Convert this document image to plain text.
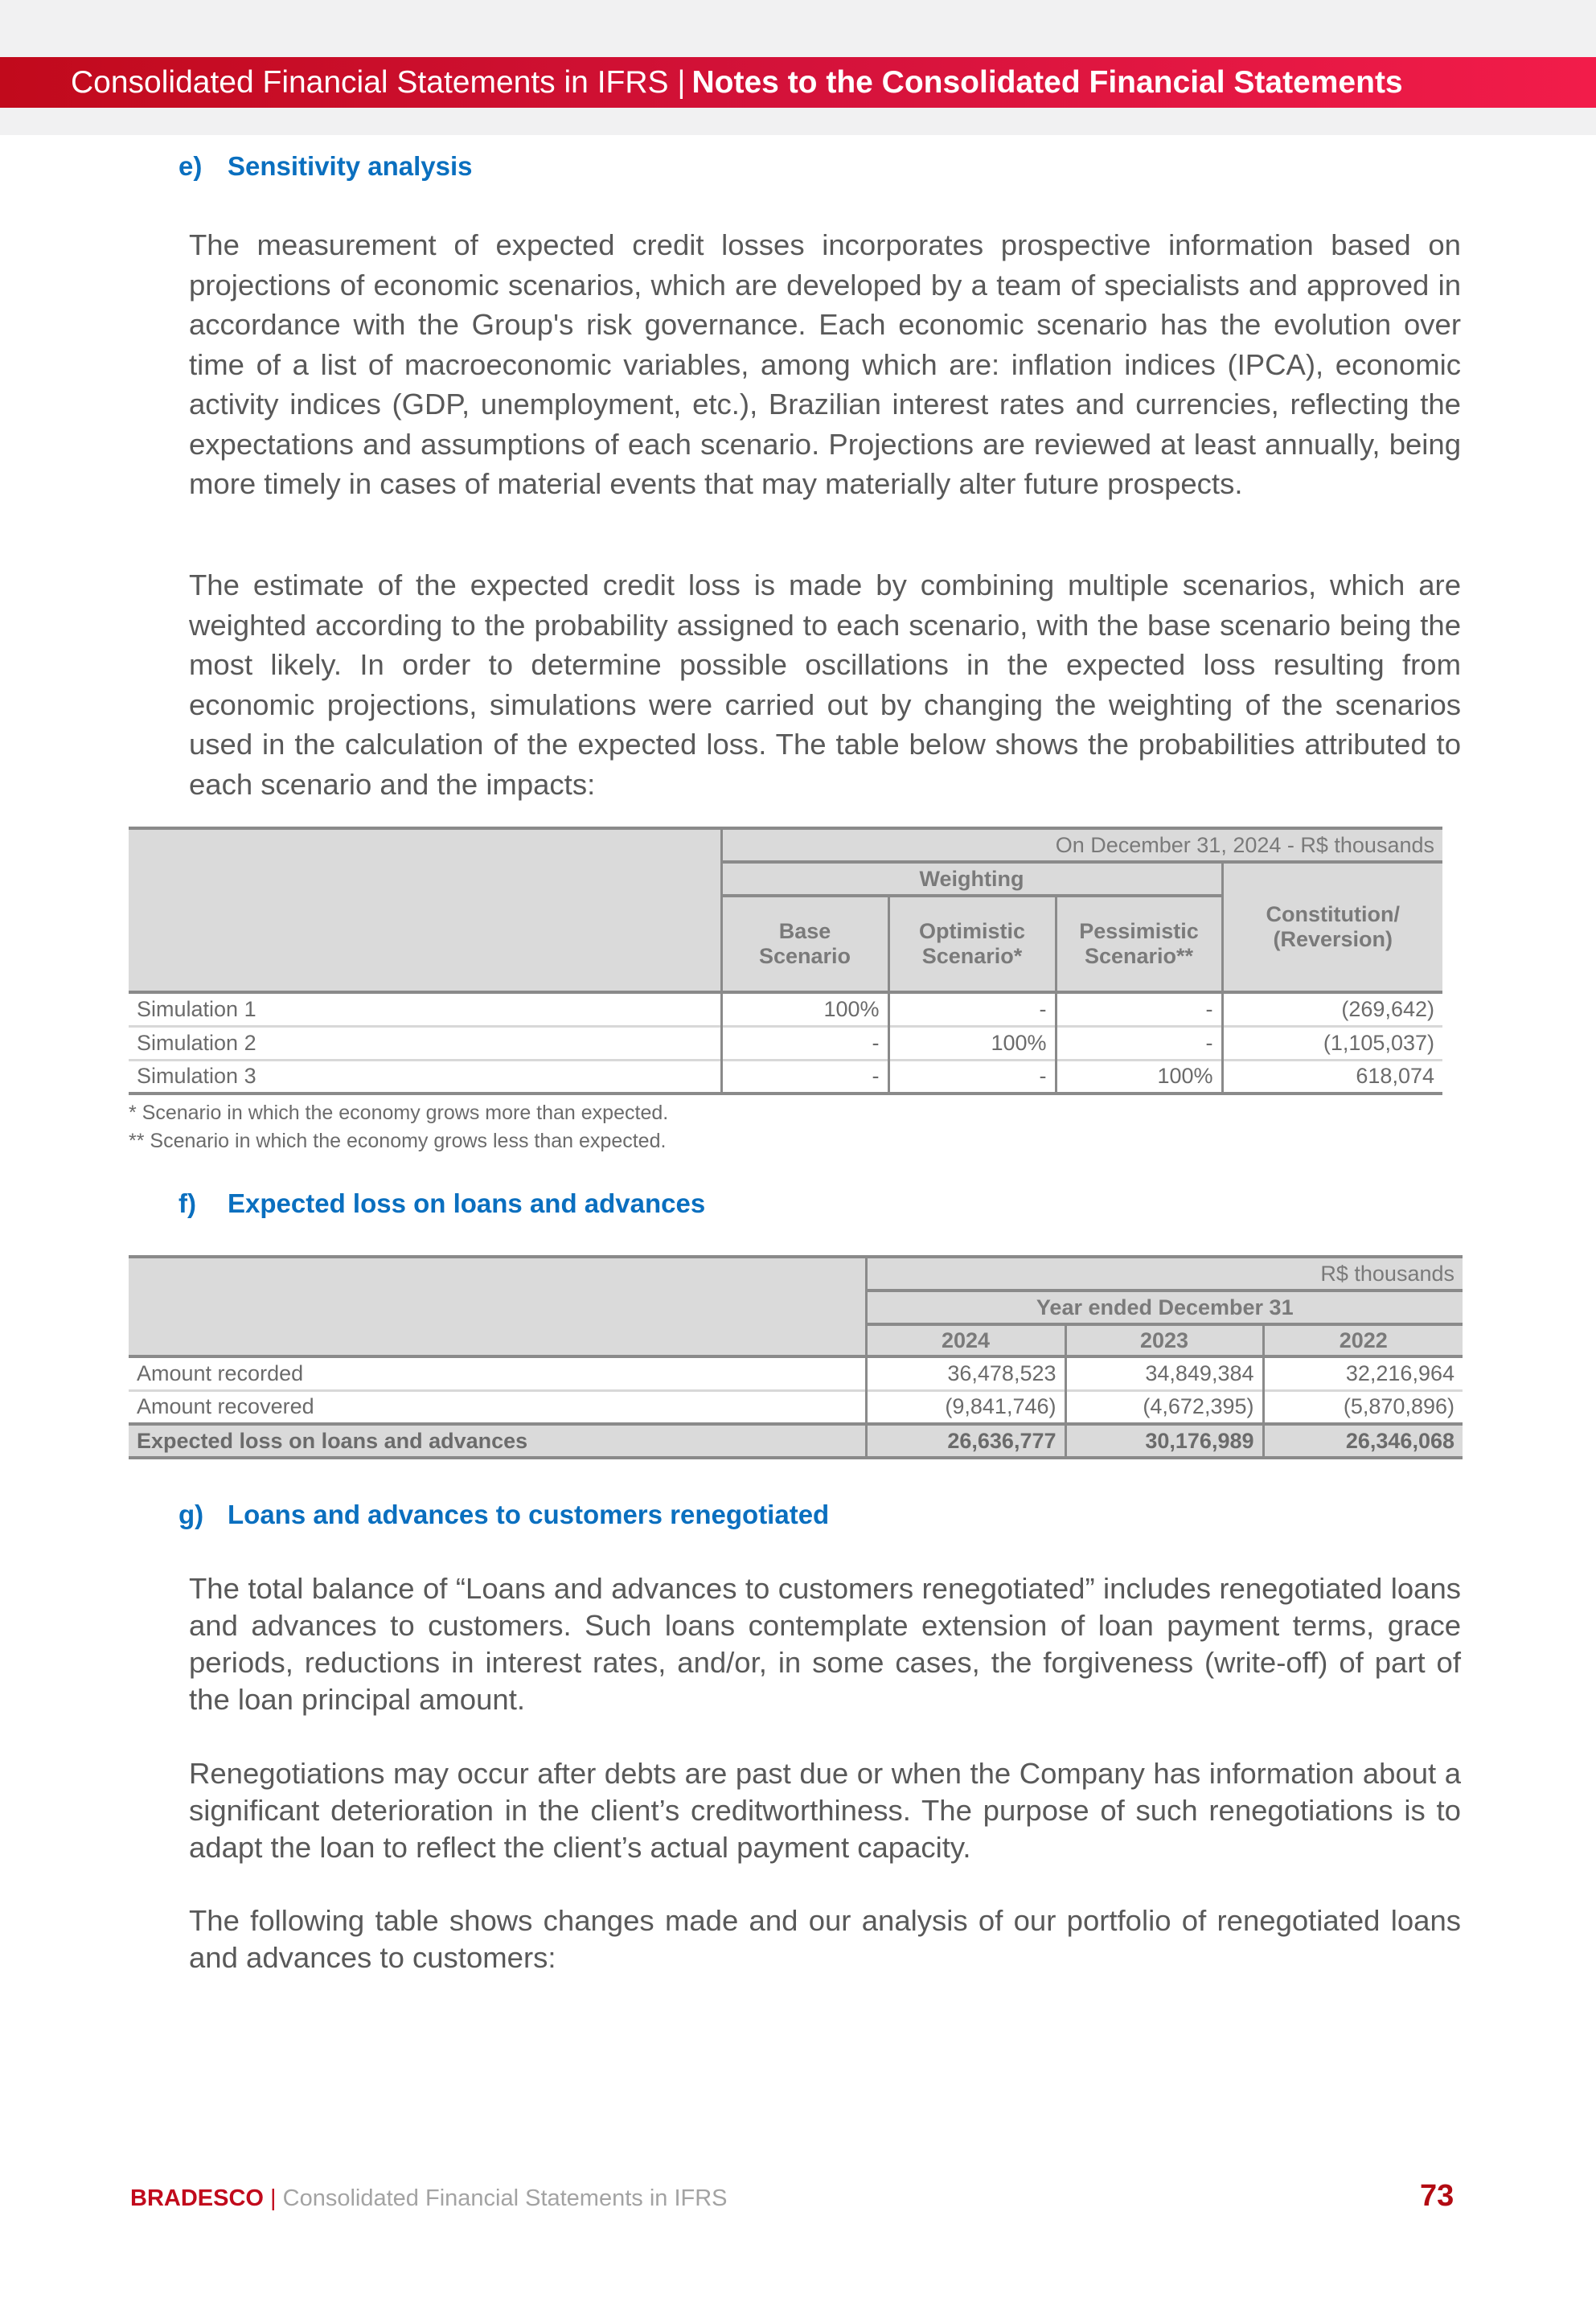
Consolidated Financial Statements in IFRS | Notes to the Consolidated Financial Statements
e) Sensitivity analysis

The measurement of expected credit losses incorporates prospective information based on projections of economic scenarios, which are developed by a team of specialists and approved in accordance with the Group's risk governance. Each economic scenario has the evolution over time of a list of macroeconomic variables, among which are: inflation indices (IPCA), economic activity indices (GDP, unemployment, etc.), Brazilian interest rates and currencies, reflecting the expectations and assumptions of each scenario. Projections are reviewed at least annually, being more timely in cases of material events that may materially alter future prospects.

The estimate of the expected credit loss is made by combining multiple scenarios, which are weighted according to the probability assigned to each scenario, with the base scenario being the most likely. In order to determine possible oscillations in the expected loss resulting from economic projections, simulations were carried out by changing the weighting of the scenarios used in the calculation of the expected loss. The table below shows the probabilities attributed to each scenario and the impacts:

	On December 31, 2024 - R$ thousands			
	Weighting			Constitution/ (Reversion)
	Base Scenario	Optimistic Scenario*	Pessimistic Scenario**	
Simulation 1	100%	-	-	(269,642)
Simulation 2	-	100%	-	(1,105,037)
Simulation 3	-	-	100%	618,074
* Scenario in which the economy grows more than expected.
** Scenario in which the economy grows less than expected.
f) Expected loss on loans and advances
	R$ thousands		
	Year ended December 31		
	2024	2023	2022
Amount recorded	36,478,523	34,849,384	32,216,964
Amount recovered	(9,841,746)	(4,672,395)	(5,870,896)
Expected loss on loans and advances	26,636,777	30,176,989	26,346,068
g) Loans and advances to customers renegotiated

The total balance of “Loans and advances to customers renegotiated” includes renegotiated loans and advances to customers. Such loans contemplate extension of loan payment terms, grace periods, reductions in interest rates, and/or, in some cases, the forgiveness (write-off) of part of the loan principal amount.

Renegotiations may occur after debts are past due or when the Company has information about a significant deterioration in the client’s creditworthiness. The purpose of such renegotiations is to adapt the loan to reflect the client’s actual payment capacity.

The following table shows changes made and our analysis of our portfolio of renegotiated loans and advances to customers:

BRADESCO | Consolidated Financial Statements in IFRS	73
